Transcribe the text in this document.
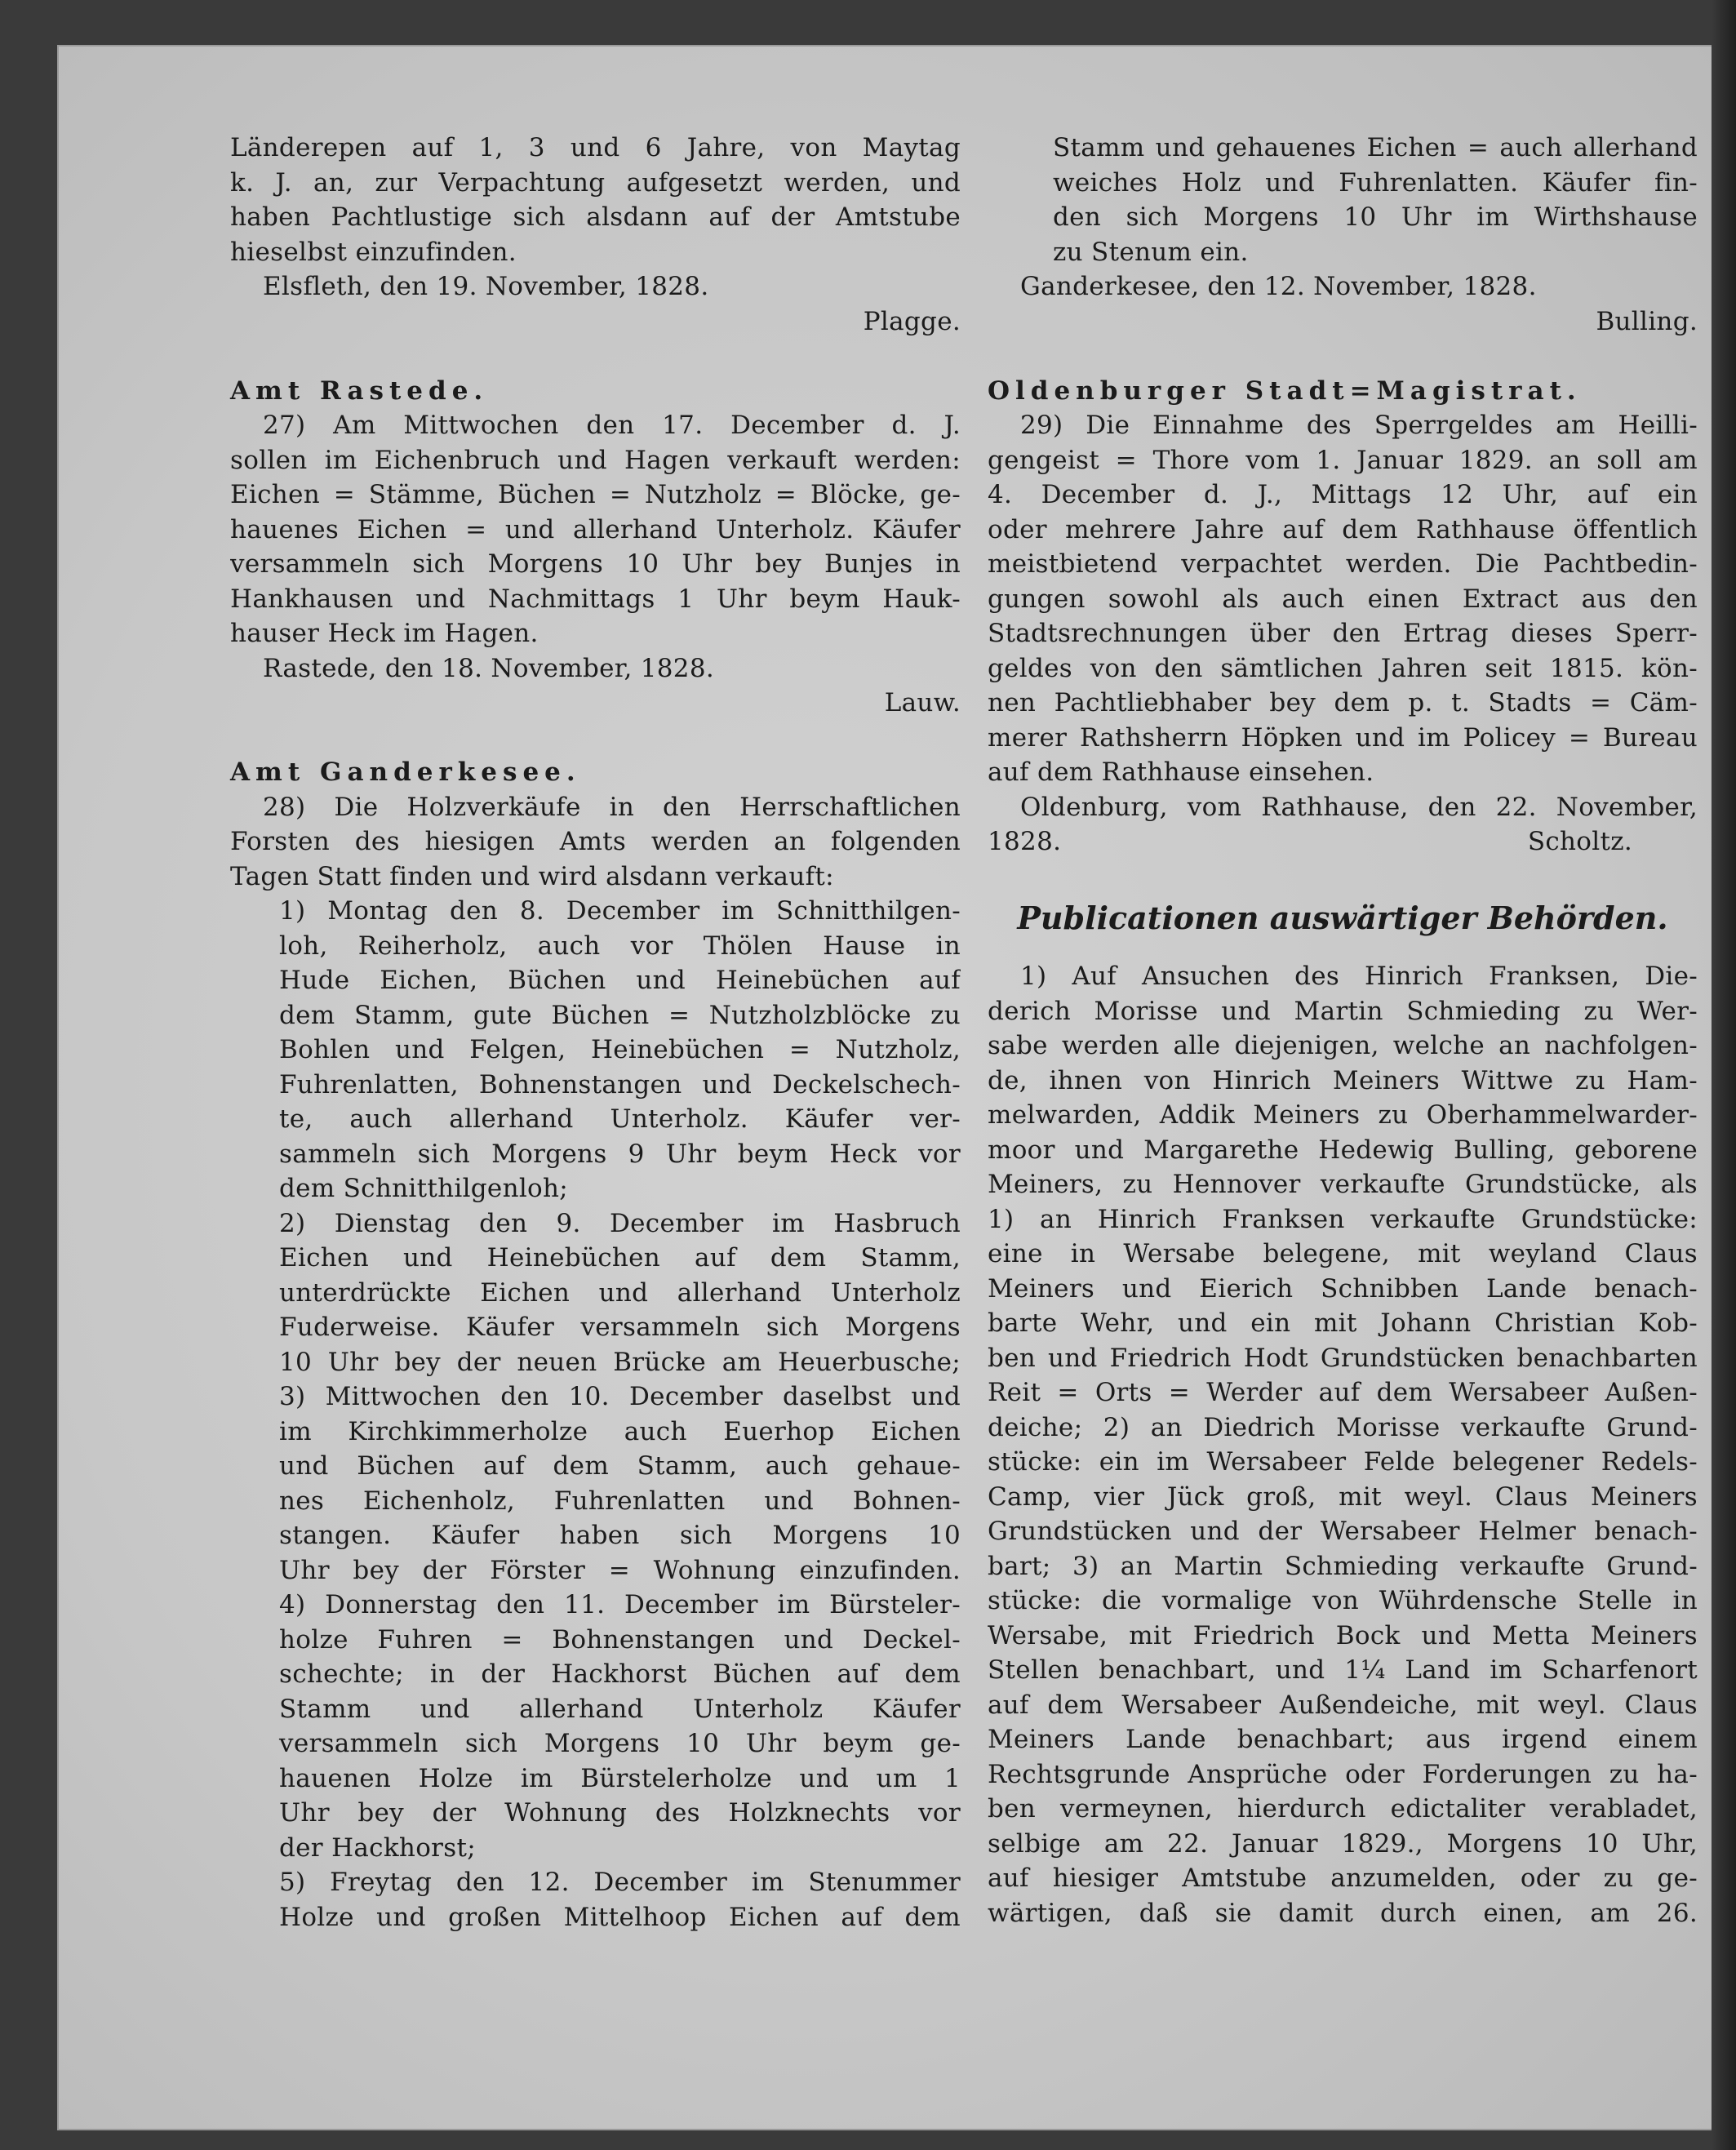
Länderepen auf 1, 3 und 6 Jahre, von Maytag
k. J. an, zur Verpachtung aufgesetzt werden, und
haben Pachtlustige sich alsdann auf der Amtstube
hieselbst einzufinden.
Elsfleth, den 19. November, 1828.
Plagge.
Amt Rastede.
27) Am Mittwochen den 17. December d. J.
sollen im Eichenbruch und Hagen verkauft werden:
Eichen = Stämme, Büchen = Nutzholz = Blöcke, ge-
hauenes Eichen = und allerhand Unterholz. Käufer
versammeln sich Morgens 10 Uhr bey Bunjes in
Hankhausen und Nachmittags 1 Uhr beym Hauk-
hauser Heck im Hagen.
Rastede, den 18. November, 1828.
Lauw.
Amt Ganderkesee.
28) Die Holzverkäufe in den Herrschaftlichen
Forsten des hiesigen Amts werden an folgenden
Tagen Statt finden und wird alsdann verkauft:
1) Montag den 8. December im Schnitthilgen-
loh, Reiherholz, auch vor Thölen Hause in
Hude Eichen, Büchen und Heinebüchen auf
dem Stamm, gute Büchen = Nutzholzblöcke zu
Bohlen und Felgen, Heinebüchen = Nutzholz,
Fuhrenlatten, Bohnenstangen und Deckelschech-
te, auch allerhand Unterholz. Käufer ver-
sammeln sich Morgens 9 Uhr beym Heck vor
dem Schnitthilgenloh;
2) Dienstag den 9. December im Hasbruch
Eichen und Heinebüchen auf dem Stamm,
unterdrückte Eichen und allerhand Unterholz
Fuderweise. Käufer versammeln sich Morgens
10 Uhr bey der neuen Brücke am Heuerbusche;
3) Mittwochen den 10. December daselbst und
im Kirchkimmerholze auch Euerhop Eichen
und Büchen auf dem Stamm, auch gehaue-
nes Eichenholz, Fuhrenlatten und Bohnen-
stangen. Käufer haben sich Morgens 10
Uhr bey der Förster = Wohnung einzufinden.
4) Donnerstag den 11. December im Bürsteler-
holze Fuhren = Bohnenstangen und Deckel-
schechte; in der Hackhorst Büchen auf dem
Stamm und allerhand Unterholz Käufer
versammeln sich Morgens 10 Uhr beym ge-
hauenen Holze im Bürstelerholze und um 1
Uhr bey der Wohnung des Holzknechts vor
der Hackhorst;
5) Freytag den 12. December im Stenummer
Holze und großen Mittelhoop Eichen auf dem
Stamm und gehauenes Eichen = auch allerhand
weiches Holz und Fuhrenlatten. Käufer fin-
den sich Morgens 10 Uhr im Wirthshause
zu Stenum ein.
Ganderkesee, den 12. November, 1828.
Bulling.
Oldenburger Stadt=Magistrat.
29) Die Einnahme des Sperrgeldes am Heilli-
gengeist = Thore vom 1. Januar 1829. an soll am
4. December d. J., Mittags 12 Uhr, auf ein
oder mehrere Jahre auf dem Rathhause öffentlich
meistbietend verpachtet werden. Die Pachtbedin-
gungen sowohl als auch einen Extract aus den
Stadtsrechnungen über den Ertrag dieses Sperr-
geldes von den sämtlichen Jahren seit 1815. kön-
nen Pachtliebhaber bey dem p. t. Stadts = Cäm-
merer Rathsherrn Höpken und im Policey = Bureau
auf dem Rathhause einsehen.
Oldenburg, vom Rathhause, den 22. November,
1828.	Scholtz.
Publicationen auswärtiger Behörden.
1) Auf Ansuchen des Hinrich Franksen, Die-
derich Morisse und Martin Schmieding zu Wer-
sabe werden alle diejenigen, welche an nachfolgen-
de, ihnen von Hinrich Meiners Wittwe zu Ham-
melwarden, Addik Meiners zu Oberhammelwarder-
moor und Margarethe Hedewig Bulling, geborene
Meiners, zu Hennover verkaufte Grundstücke, als
1) an Hinrich Franksen verkaufte Grundstücke:
eine in Wersabe belegene, mit weyland Claus
Meiners und Eierich Schnibben Lande benach-
barte Wehr, und ein mit Johann Christian Kob-
ben und Friedrich Hodt Grundstücken benachbarten
Reit = Orts = Werder auf dem Wersabeer Außen-
deiche; 2) an Diedrich Morisse verkaufte Grund-
stücke: ein im Wersabeer Felde belegener Redels-
Camp, vier Jück groß, mit weyl. Claus Meiners
Grundstücken und der Wersabeer Helmer benach-
bart; 3) an Martin Schmieding verkaufte Grund-
stücke: die vormalige von Wührdensche Stelle in
Wersabe, mit Friedrich Bock und Metta Meiners
Stellen benachbart, und 1¼ Land im Scharfenort
auf dem Wersabeer Außendeiche, mit weyl. Claus
Meiners Lande benachbart; aus irgend einem
Rechtsgrunde Ansprüche oder Forderungen zu ha-
ben vermeynen, hierdurch edictaliter verabladet,
selbige am 22. Januar 1829., Morgens 10 Uhr,
auf hiesiger Amtstube anzumelden, oder zu ge-
wärtigen, daß sie damit durch einen, am 26.
